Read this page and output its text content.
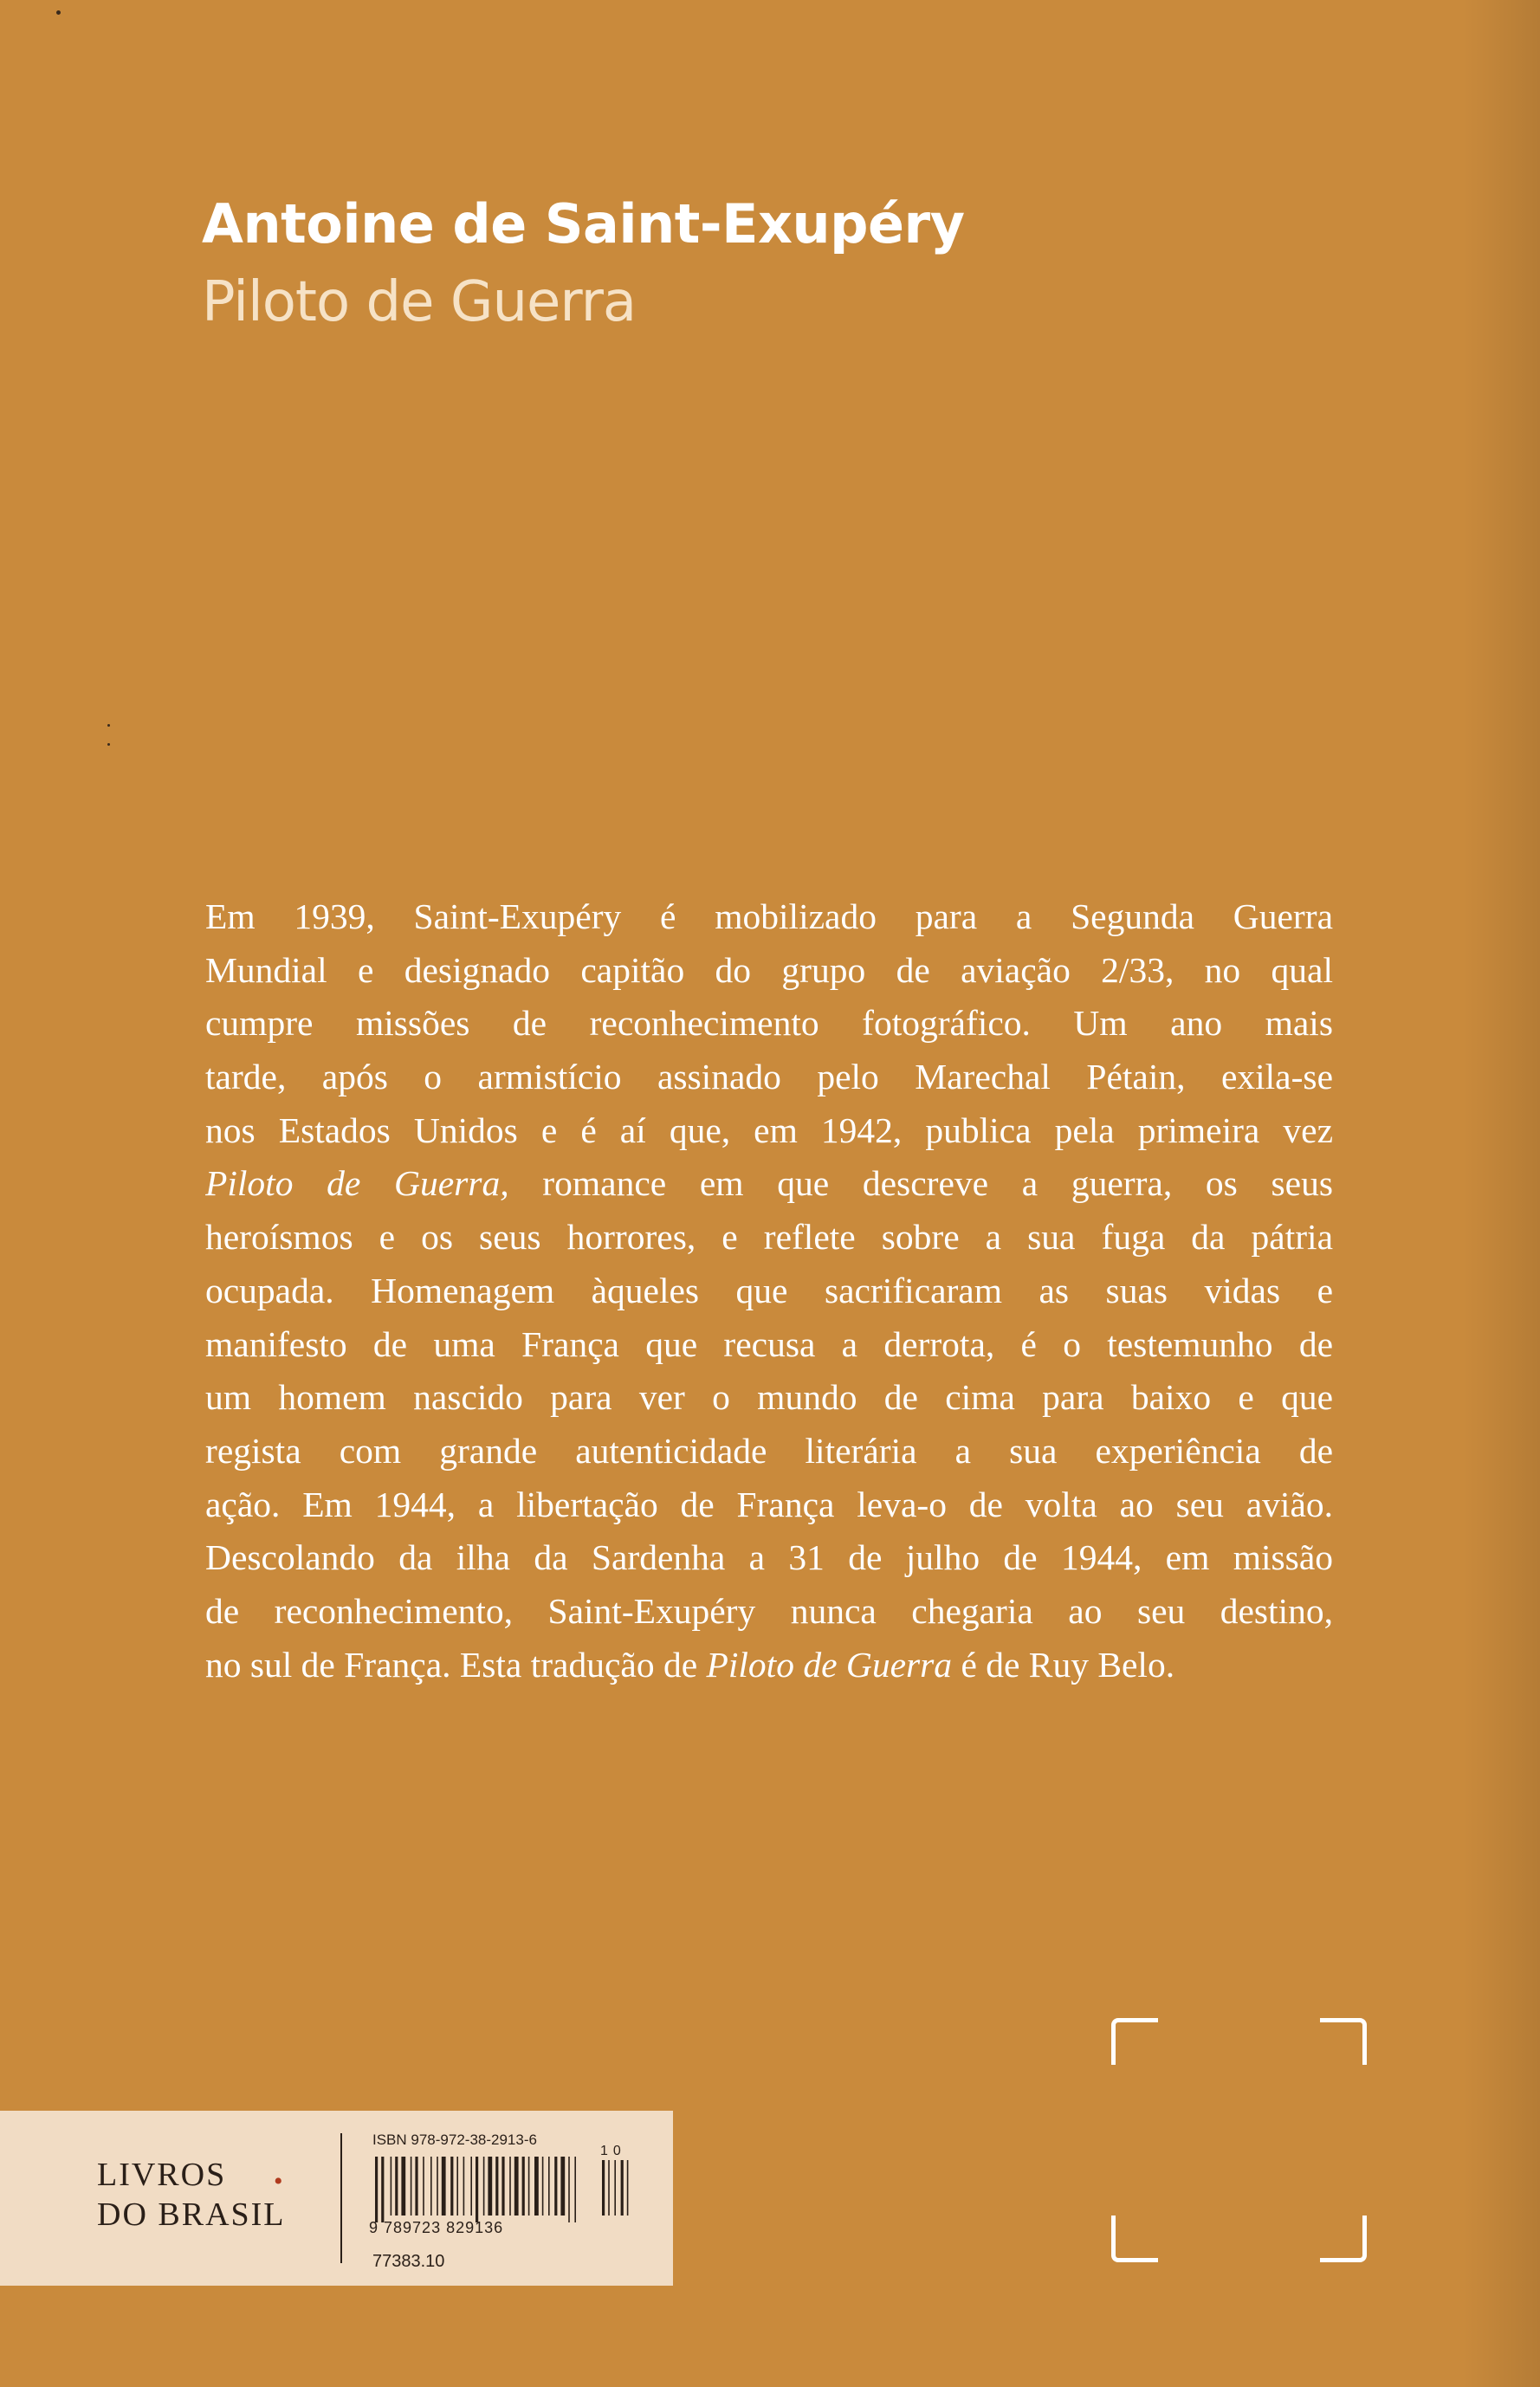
Antoine de Saint-Exupéry
Piloto de Guerra
Em 1939, Saint-Exupéry é mobilizado para a Segunda Guerra
Mundial e designado capitão do grupo de aviação 2/33, no qual
cumpre missões de reconhecimento fotográfico. Um ano mais
tarde, após o armistício assinado pelo Marechal Pétain, exila-se
nos Estados Unidos e é aí que, em 1942, publica pela primeira vez
Piloto de Guerra, romance em que descreve a guerra, os seus
heroísmos e os seus horrores, e reflete sobre a sua fuga da pátria
ocupada. Homenagem àqueles que sacrificaram as suas vidas e
manifesto de uma França que recusa a derrota, é o testemunho de
um homem nascido para ver o mundo de cima para baixo e que
regista com grande autenticidade literária a sua experiência de
ação. Em 1944, a libertação de França leva-o de volta ao seu avião.
Descolando da ilha da Sardenha a 31 de julho de 1944, em missão
de reconhecimento, Saint-Exupéry nunca chegaria ao seu destino,
no sul de França. Esta tradução de Piloto de Guerra é de Ruy Belo.
LIVROS
DO BRASIL
•
ISBN 978-972-38-2913-6
10
9 789723 829136
77383.10
